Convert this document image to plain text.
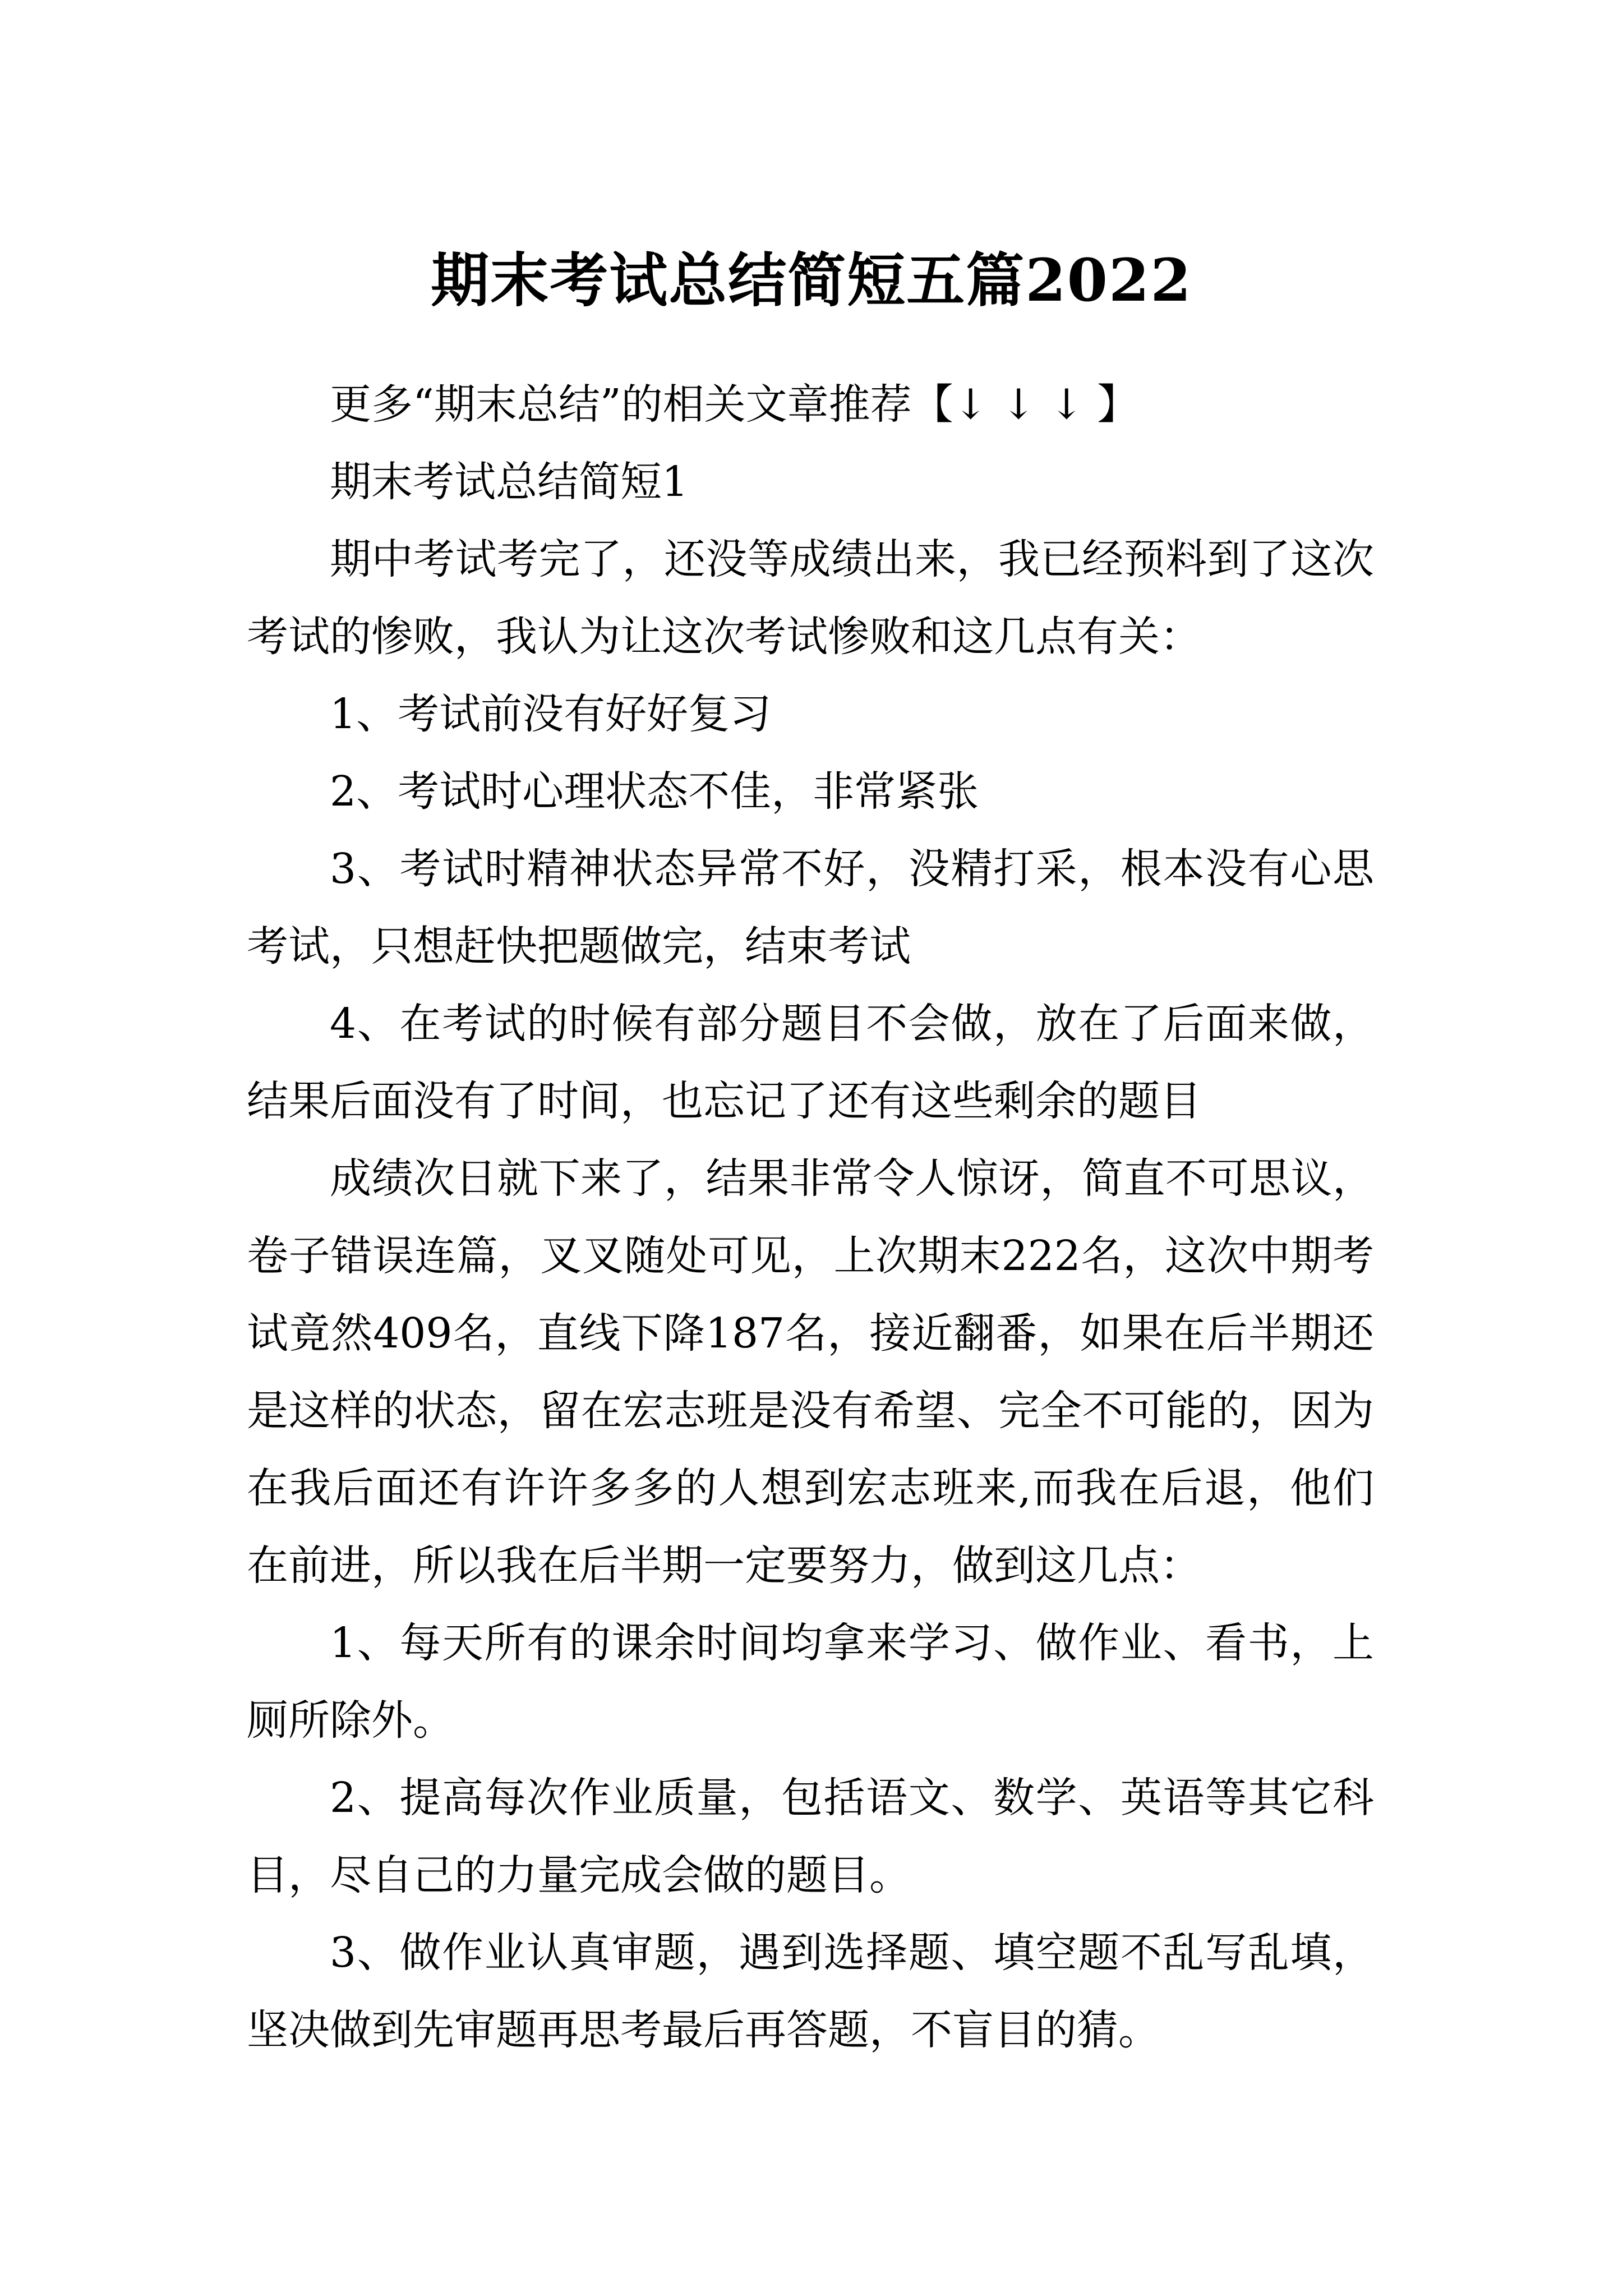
期末考试总结简短五篇2022

更多“期末总结”的相关文章推荐【↓ ↓ ↓ 】

期末考试总结简短1

期中考试考完了，还没等成绩出来，我已经预料到了这次考试的惨败，我认为让这次考试惨败和这几点有关：

1、考试前没有好好复习

2、考试时心理状态不佳，非常紧张

3、考试时精神状态异常不好，没精打采，根本没有心思考试，只想赶快把题做完，结束考试

4、在考试的时候有部分题目不会做，放在了后面来做，结果后面没有了时间，也忘记了还有这些剩余的题目

成绩次日就下来了，结果非常令人惊讶，简直不可思议，卷子错误连篇，叉叉随处可见，上次期末222名，这次中期考试竟然409名，直线下降187名，接近翻番，如果在后半期还是这样的状态，留在宏志班是没有希望、完全不可能的，因为在我后面还有许许多多的人想到宏志班来,而我在后退，他们在前进，所以我在后半期一定要努力，做到这几点：

1、每天所有的课余时间均拿来学习、做作业、看书，上厕所除外。

2、提高每次作业质量，包括语文、数学、英语等其它科目，尽自己的力量完成会做的题目。

3、做作业认真审题，遇到选择题、填空题不乱写乱填，坚决做到先审题再思考最后再答题，不盲目的猜。
